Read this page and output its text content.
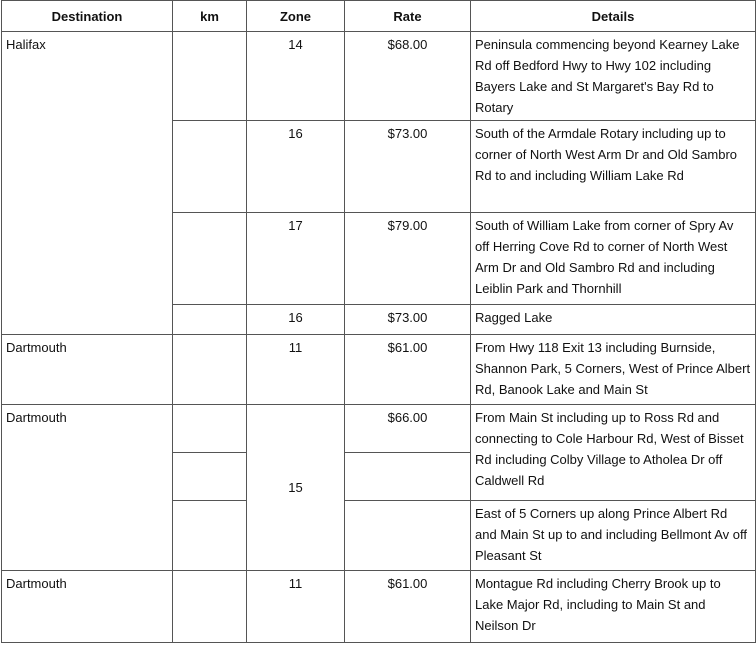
Destination	km	Zone	Rate	Details
Halifax		14	$68.00	Peninsula commencing beyond Kearney Lake Rd off Bedford Hwy to Hwy 102 including Bayers Lake and St Margaret's Bay Rd to Rotary
		16	$73.00	South of the Armdale Rotary including up to corner of North West Arm Dr and Old Sambro Rd to and including William Lake Rd
		17	$79.00	South of William Lake from corner of Spry Av off Herring Cove Rd to corner of North West Arm Dr and Old Sambro Rd and including Leiblin Park and Thornhill
		16	$73.00	Ragged Lake
Dartmouth		11	$61.00	From Hwy 118 Exit 13 including Burnside, Shannon Park, 5 Corners, West of Prince Albert Rd, Banook Lake and Main St
Dartmouth		15	$66.00	From Main St including up to Ross Rd and connecting to Cole Harbour Rd, West of Bisset Rd including Colby Village to Atholea Dr off Caldwell Rd

				East of 5 Corners up along Prince Albert Rd and Main St up to and including Bellmont Av off Pleasant St
Dartmouth		11	$61.00	Montague Rd including Cherry Brook up to Lake Major Rd, including to Main St and Neilson Dr
